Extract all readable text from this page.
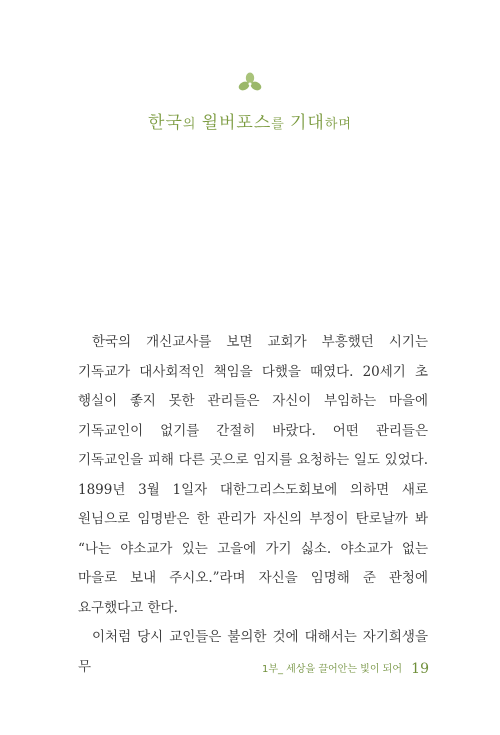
한국의 윌버포스를 기대하며

한국의 개신교사를 보면 교회가 부흥했던 시기는 기독교가 대사회적인 책임을 다했을 때였다. 20세기 초 행실이 좋지 못한 관리들은 자신이 부임하는 마을에 기독교인이 없기를 간절히 바랐다. 어떤 관리들은 기독교인을 피해 다른 곳으로 임지를 요청하는 일도 있었다. 1899년 3월 1일자 대한그리스도회보에 의하면 새로 원님으로 임명받은 한 관리가 자신의 부정이 탄로날까 봐 “나는 야소교가 있는 고을에 가기 싫소. 야소교가 없는 마을로 보내 주시오.”라며 자신을 임명해 준 관청에 요구했다고 한다.

이처럼 당시 교인들은 불의한 것에 대해서는 자기희생을 무	1부_ 세상을 끌어안는 빛이 되어 19
